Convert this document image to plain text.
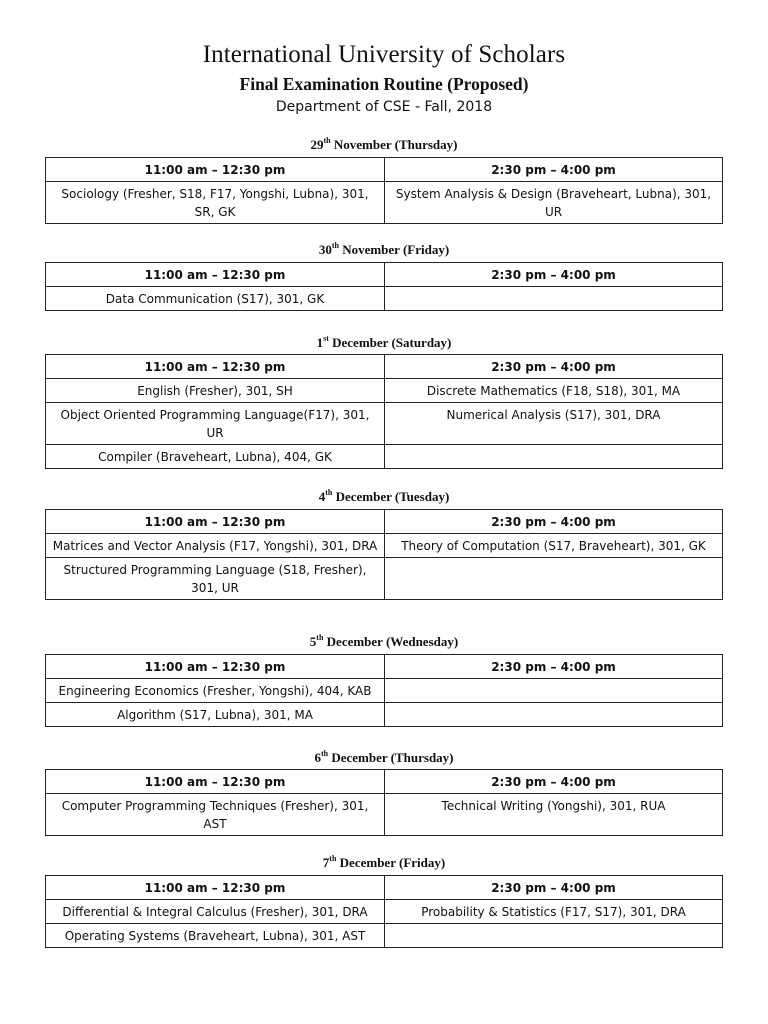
International University of Scholars
Final Examination Routine (Proposed)
Department of CSE - Fall, 2018
29th November (Thursday)
11:00 am – 12:30 pm	2:30 pm – 4:00 pm
Sociology (Fresher, S18, F17, Yongshi, Lubna), 301, SR, GK	System Analysis & Design (Braveheart, Lubna), 301, UR
30th November (Friday)
11:00 am – 12:30 pm	2:30 pm – 4:00 pm
Data Communication (S17), 301, GK	
1st December (Saturday)
11:00 am – 12:30 pm	2:30 pm – 4:00 pm
English (Fresher), 301, SH	Discrete Mathematics (F18, S18), 301, MA
Object Oriented Programming Language(F17), 301, UR	Numerical Analysis (S17), 301, DRA
Compiler (Braveheart, Lubna), 404, GK	
4th December (Tuesday)
11:00 am – 12:30 pm	2:30 pm – 4:00 pm
Matrices and Vector Analysis (F17, Yongshi), 301, DRA	Theory of Computation (S17, Braveheart), 301, GK
Structured Programming Language (S18, Fresher), 301, UR	
5th December (Wednesday)
11:00 am – 12:30 pm	2:30 pm – 4:00 pm
Engineering Economics (Fresher, Yongshi), 404, KAB	
Algorithm (S17, Lubna), 301, MA	
6th December (Thursday)
11:00 am – 12:30 pm	2:30 pm – 4:00 pm
Computer Programming Techniques (Fresher), 301, AST	Technical Writing (Yongshi), 301, RUA
7th December (Friday)
11:00 am – 12:30 pm	2:30 pm – 4:00 pm
Differential & Integral Calculus (Fresher), 301, DRA	Probability & Statistics (F17, S17), 301, DRA
Operating Systems (Braveheart, Lubna), 301, AST	
